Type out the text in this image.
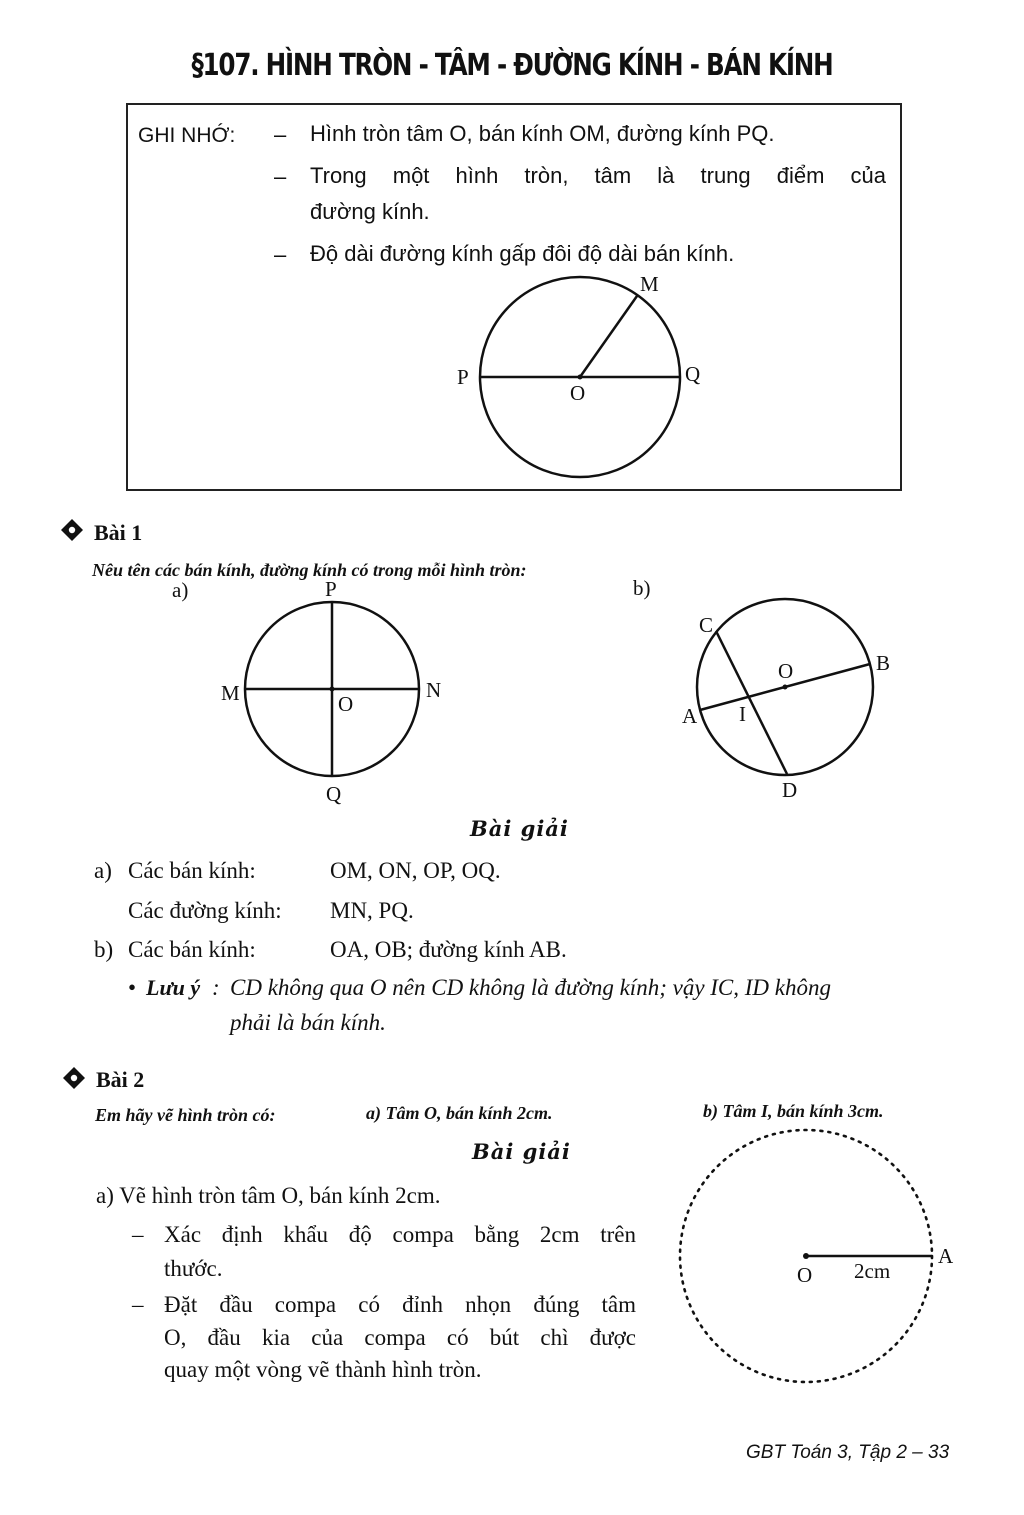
§107. HÌNH TRÒN - TÂM - ĐƯỜNG KÍNH - BÁN KÍNH
GHI NHỚ: – Hình tròn tâm O, bán kính OM, đường kính PQ.
– Trong một hình tròn, tâm là trung điểm của
đường kính.
– Độ dài đường kính gấp đôi độ dài bán kính.
M
P
O
Q
Bài 1
Nêu tên các bán kính, đường kính có trong mỗi hình tròn:
a)	P
M	N
O
Q
b)
C
O	B
A I
D
Bài giải
a) Các bán kính:	OM, ON, OP, OQ.
Các đường kính: MN, PQ.
b) Các bán kính:	OA, OB; đường kính AB.
• Lưu ý : CD không qua O nên CD không là đường kính; vậy IC, ID không
phải là bán kính.
Bài 2
Em hãy vẽ hình tròn có:	a) Tâm O, bán kính 2cm.	b) Tâm I, bán kính 3cm.
Bài giải
a) Vẽ hình tròn tâm O, bán kính 2cm.
– Xác định khẩu độ compa bằng 2cm trên
thước.
– Đặt đầu compa có đỉnh nhọn đúng tâm
O, đầu kia của compa có bút chì được
quay một vòng vẽ thành hình tròn.
O 2cm
A
GBT Toán 3, Tập 2 – 33
